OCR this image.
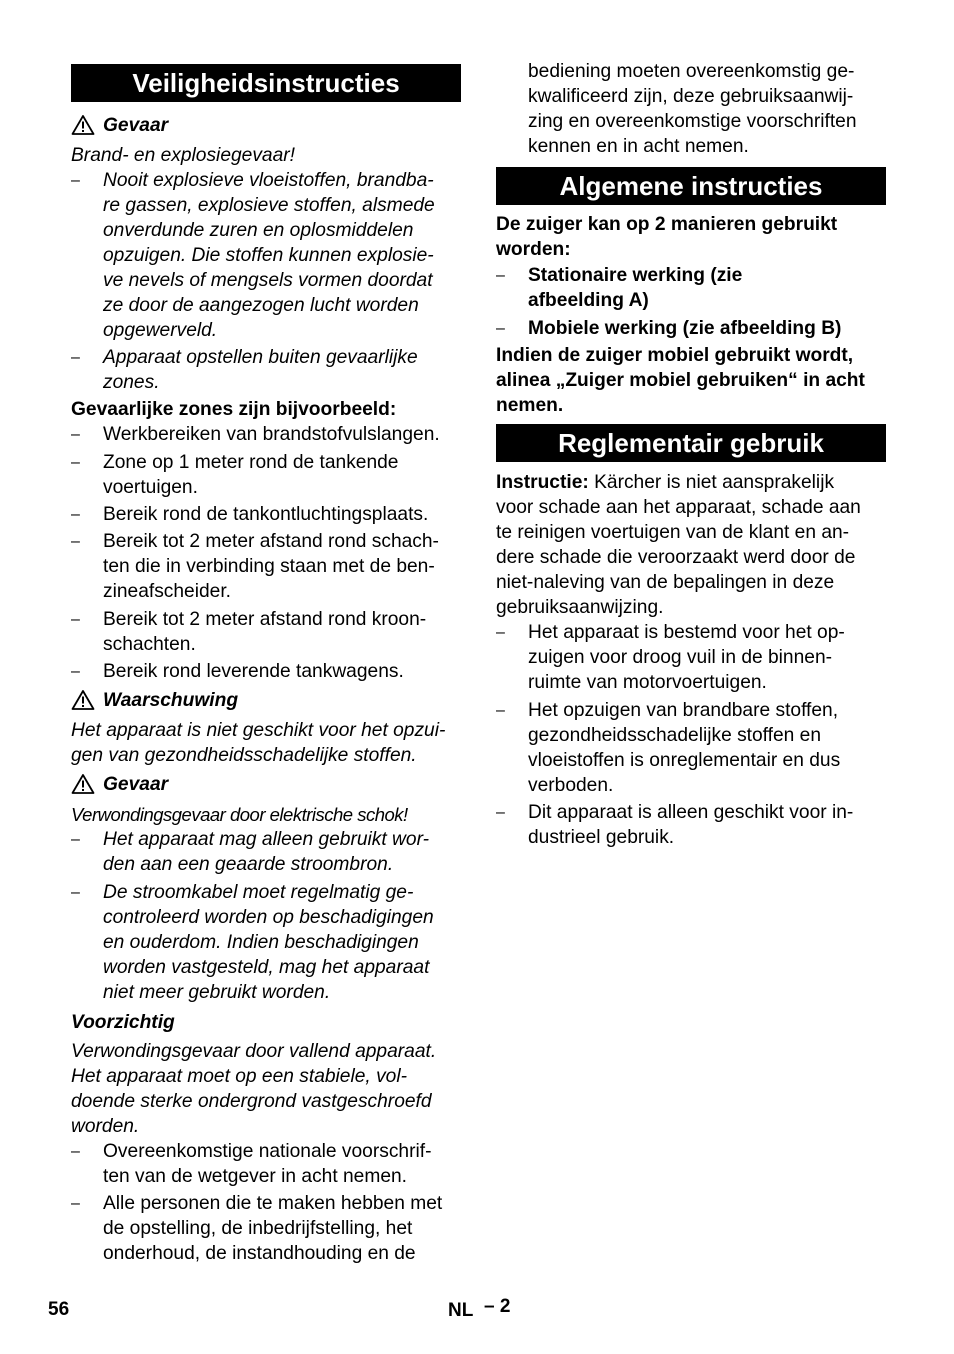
Veiligheidsinstructies
Gevaar
Brand- en explosiegevaar!
– Nooit explosieve vloeistoffen, brandba-
re gassen, explosieve stoffen, alsmede
onverdunde zuren en oplosmiddelen
opzuigen. Die stoffen kunnen explosie-
ve nevels of mengsels vormen doordat
ze door de aangezogen lucht worden
opgewerveld.
– Apparaat opstellen buiten gevaarlijke
zones.
Gevaarlijke zones zijn bijvoorbeeld:
– Werkbereiken van brandstofvulslangen.
– Zone op 1 meter rond de tankende
voertuigen.
– Bereik rond de tankontluchtingsplaats.
– Bereik tot 2 meter afstand rond schach-
ten die in verbinding staan met de ben-
zineafscheider.
– Bereik tot 2 meter afstand rond kroon-
schachten.
– Bereik rond leverende tankwagens.
Waarschuwing
Het apparaat is niet geschikt voor het opzui-
gen van gezondheidsschadelijke stoffen.
Gevaar
Verwondingsgevaar door elektrische schok!
– Het apparaat mag alleen gebruikt wor-
den aan een geaarde stroombron.
– De stroomkabel moet regelmatig ge-
controleerd worden op beschadigingen
en ouderdom. Indien beschadigingen
worden vastgesteld, mag het apparaat
niet meer gebruikt worden.
Voorzichtig
Verwondingsgevaar door vallend apparaat.
Het apparaat moet op een stabiele, vol-
doende sterke ondergrond vastgeschroefd
worden.
– Overeenkomstige nationale voorschrif-
ten van de wetgever in acht nemen.
– Alle personen die te maken hebben met
de opstelling, de inbedrijfstelling, het
onderhoud, de instandhouding en de
bediening moeten overeenkomstig ge-
kwalificeerd zijn, deze gebruiksaanwij-
zing en overeenkomstige voorschriften
kennen en in acht nemen.
Algemene instructies
De zuiger kan op 2 manieren gebruikt
worden:
– Stationaire werking (zie
afbeelding A)
– Mobiele werking (zie afbeelding B)
Indien de zuiger mobiel gebruikt wordt,
alinea „Zuiger mobiel gebruiken“ in acht
nemen.
Reglementair gebruik
Instructie: Kärcher is niet aansprakelijk
voor schade aan het apparaat, schade aan
te reinigen voertuigen van de klant en an-
dere schade die veroorzaakt werd door de
niet-naleving van de bepalingen in deze
gebruiksaanwijzing.
– Het apparaat is bestemd voor het op-
zuigen voor droog vuil in de binnen-
ruimte van motorvoertuigen.
– Het opzuigen van brandbare stoffen,
gezondheidsschadelijke stoffen en
vloeistoffen is onreglementair en dus
verboden.
– Dit apparaat is alleen geschikt voor in-
dustrieel gebruik.
56	NL – 2
